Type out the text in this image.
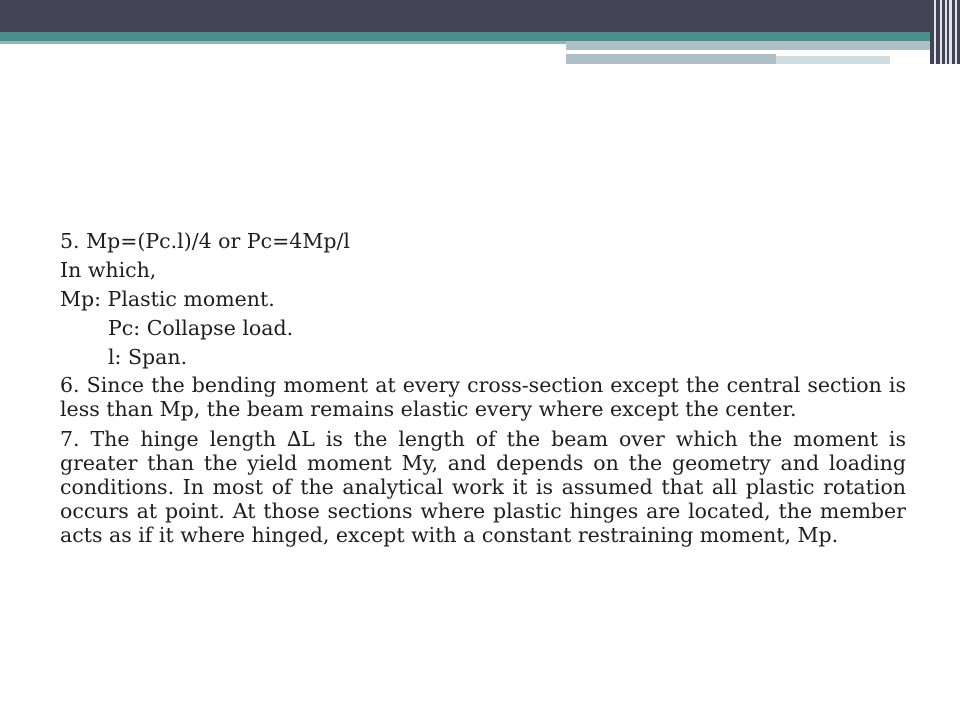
5. Mp=(Pc.l)/4 or Pc=4Mp/l

In which,

Mp: Plastic moment.

Pc: Collapse load.

l: Span.

6. Since the bending moment at every cross-section except the central section is less than Mp, the beam remains elastic every where except the center.

7. The hinge length ∆L is the length of the beam over which the moment is greater than the yield moment My, and depends on the geometry and loading conditions. In most of the analytical work it is assumed that all plastic rotation occurs at point. At those sections where plastic hinges are located, the member acts as if it where hinged, except with a constant restraining moment, Mp.
